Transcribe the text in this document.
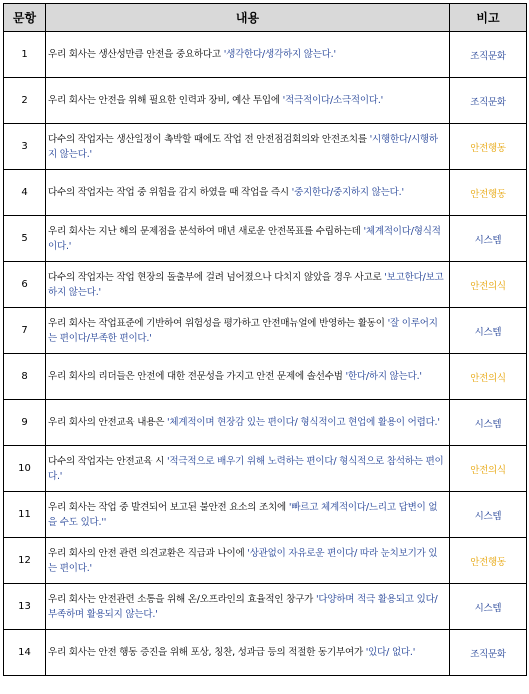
문항	내용	비고
1	우리 회사는 생산성만큼 안전을 중요하다고 '생각한다/생각하지 않는다.'	조직문화
2	우리 회사는 안전을 위해 필요한 인력과 장비, 예산 투입에 '적극적이다/소극적이다.'	조직문화
3	다수의 작업자는 생산일정이 촉박할 때에도 작업 전 안전점검회의와 안전조치를 '시행한다/시행하지 않는다.'	안전행동
4	다수의 작업자는 작업 중 위험을 감지 하였을 때 작업을 즉시 '중지한다/중지하지 않는다.'	안전행동
5	우리 회사는 지난 해의 문제점을 분석하여 매년 새로운 안전목표를 수립하는데 '체계적이다/형식적이다.'	시스템
6	다수의 작업자는 작업 현장의 돌출부에 걸려 넘어졌으나 다치지 않았을 경우 사고로 '보고한다/보고하지 않는다.'	안전의식
7	우리 회사는 작업표준에 기반하여 위험성을 평가하고 안전매뉴얼에 반영하는 활동이 '잘 이루어지는 편이다/부족한 편이다.'	시스템
8	우리 회사의 리더들은 안전에 대한 전문성을 가지고 안전 문제에 솔선수범 '한다/하지 않는다.'	안전의식
9	우리 회사의 안전교육 내용은 '체계적이며 현장감 있는 편이다/ 형식적이고 현업에 활용이 어렵다.'	시스템
10	다수의 작업자는 안전교육 시 '적극적으로 배우기 위해 노력하는 편이다/ 형식적으로 참석하는 편이다.'	안전의식
11	우리 회사는 작업 중 발견되어 보고된 불안전 요소의 조치에 '빠르고 체계적이다/느리고 답변이 없을 수도 있다.''	시스템
12	우리 회사의 안전 관련 의견교환은 직급과 나이에 '상관없이 자유로운 편이다/ 따라 눈치보기가 있는 편이다.'	안전행동
13	우리 회사는 안전관련 소통을 위해 온/오프라인의 효율적인 창구가 '다양하며 적극 활용되고 있다/ 부족하며 활용되지 않는다.'	시스템
14	우리 회사는 안전 행동 증진을 위해 포상, 칭찬, 성과급 등의 적절한 동기부여가 '있다/ 없다.'	조직문화
